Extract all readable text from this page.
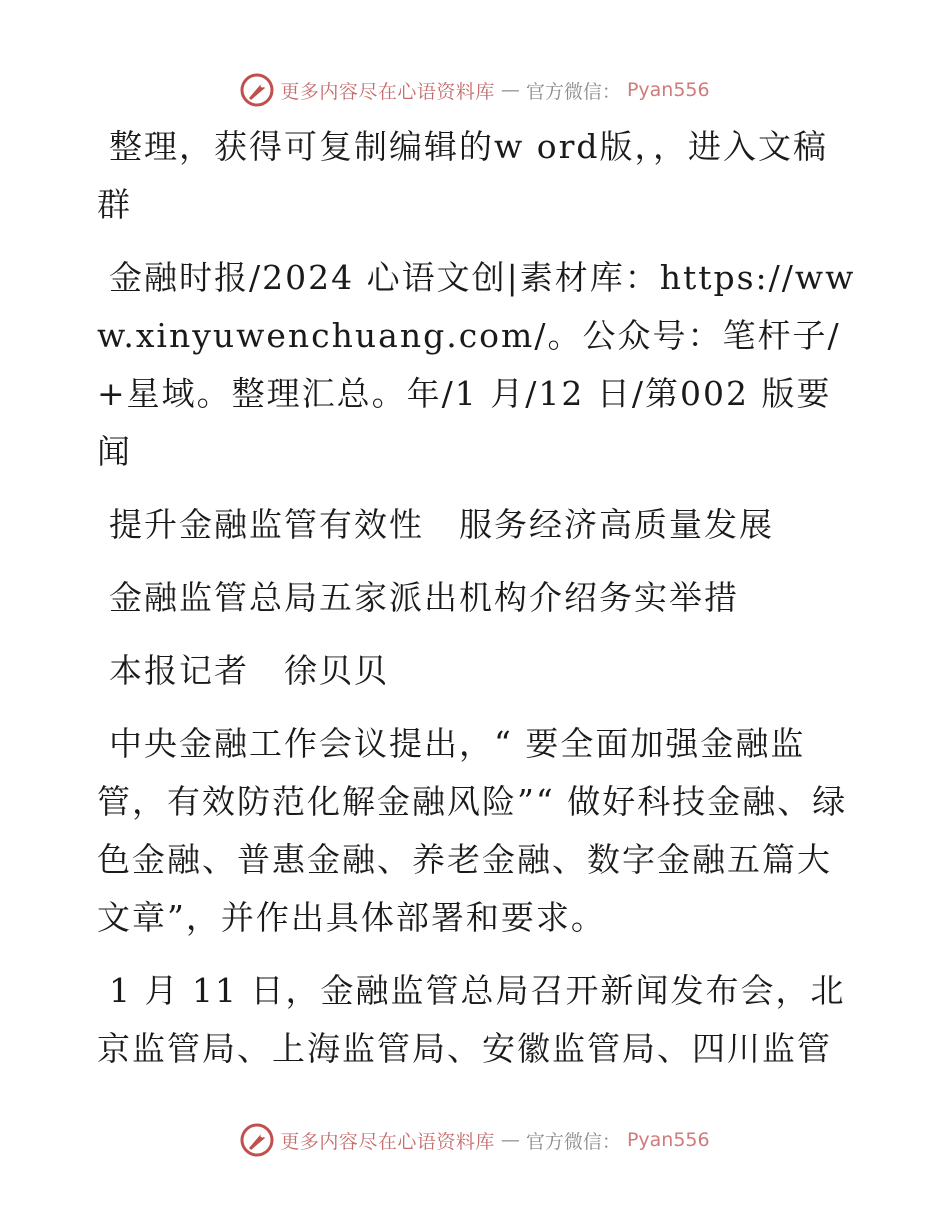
更多内容尽在心语资料库 — 官方微信： Pyan556

整理，获得可复制编辑的w ord版，，进入文稿群

金融时报/2024 心语文创|素材库：https://www.xinyuwenchuang.com/。公众号：笔杆子/+星域。整理汇总。年/1 月/12 日/第002 版要闻

提升金融监管有效性　服务经济高质量发展

金融监管总局五家派出机构介绍务实举措

本报记者　徐贝贝

中央金融工作会议提出，“ 要全面加强金融监管，有效防范化解金融风险”“ 做好科技金融、绿色金融、普惠金融、养老金融、数字金融五篇大文章”，并作出具体部署和要求。

1 月 11 日，金融监管总局召开新闻发布会，北京监管局、上海监管局、安徽监管局、四川监管

更多内容尽在心语资料库 — 官方微信： Pyan556
